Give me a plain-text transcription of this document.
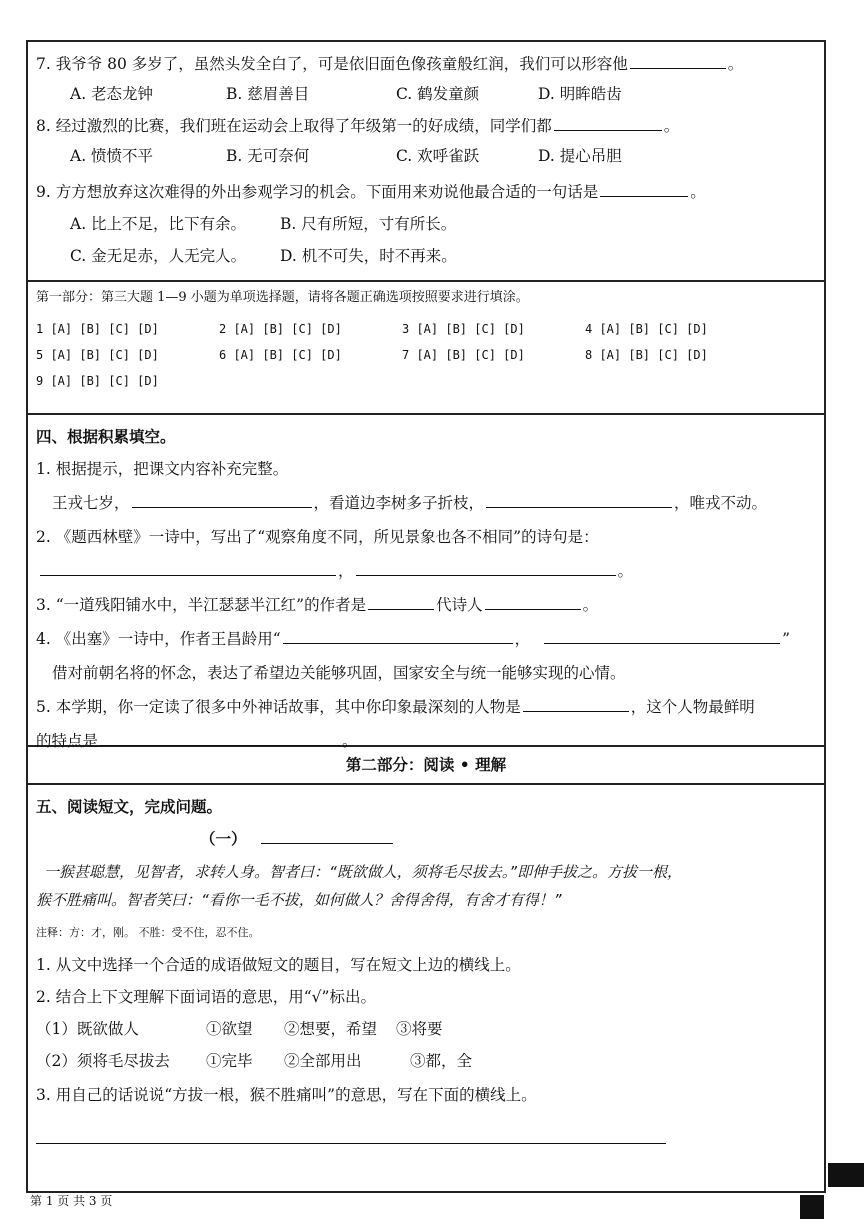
7. 我爷爷 80 多岁了，虽然头发全白了，可是依旧面色像孩童般红润，我们可以形容他	。
A. 老态龙钟	B. 慈眉善目	C. 鹤发童颜	D. 明眸皓齿
8. 经过激烈的比赛，我们班在运动会上取得了年级第一的好成绩，同学们都	。
A. 愤愤不平	B. 无可奈何	C. 欢呼雀跃	D. 提心吊胆
9. 方方想放弃这次难得的外出参观学习的机会。下面用来劝说他最合适的一句话是	。
A. 比上不足，比下有余。	B. 尺有所短，寸有所长。
C. 金无足赤，人无完人。	D. 机不可失，时不再来。
第一部分：第三大题 1—9 小题为单项选择题，请将各题正确选项按照要求进行填涂。
1 [A] [B] [C] [D]	2 [A] [B] [C] [D]	3 [A] [B] [C] [D]	4 [A] [B] [C] [D]
5 [A] [B] [C] [D]	6 [A] [B] [C] [D]	7 [A] [B] [C] [D]	8 [A] [B] [C] [D]
9 [A] [B] [C] [D]
四、根据积累填空。
1. 根据提示，把课文内容补充完整。
王戎七岁，	，看道边李树多子折枝，	，唯戎不动。
2. 《题西林壁》一诗中，写出了“观察角度不同，所见景象也各不相同”的诗句是：
，	。
3. “一道残阳铺水中，半江瑟瑟半江红”的作者是	代诗人	。
4. 《出塞》一诗中，作者王昌龄用“	，	”
借对前朝名将的怀念，表达了希望边关能够巩固，国家安全与统一能够实现的心情。
5. 本学期，你一定读了很多中外神话故事，其中你印象最深刻的人物是	，这个人物最鲜明
的特点是	。
第二部分：阅读 • 理解
五、阅读短文，完成问题。
（一）
一猴甚聪慧，见智者，求转人身。智者曰：“既欲做人，须将毛尽拔去。”即伸手拔之。方拔一根，
猴不胜痛叫。智者笑曰：“看你一毛不拔，如何做人？舍得舍得，有舍才有得！”
注释：方：才，刚。 不胜：受不住，忍不住。
1. 从文中选择一个合适的成语做短文的题目，写在短文上边的横线上。
2. 结合上下文理解下面词语的意思，用“√”标出。
（1）既欲做人	①欲望	②想要，希望	③将要
（2）须将毛尽拔去	①完毕	②全部用出	③都，全
3. 用自己的话说说“方拔一根，猴不胜痛叫”的意思，写在下面的横线上。
第 1 页 共 3 页
